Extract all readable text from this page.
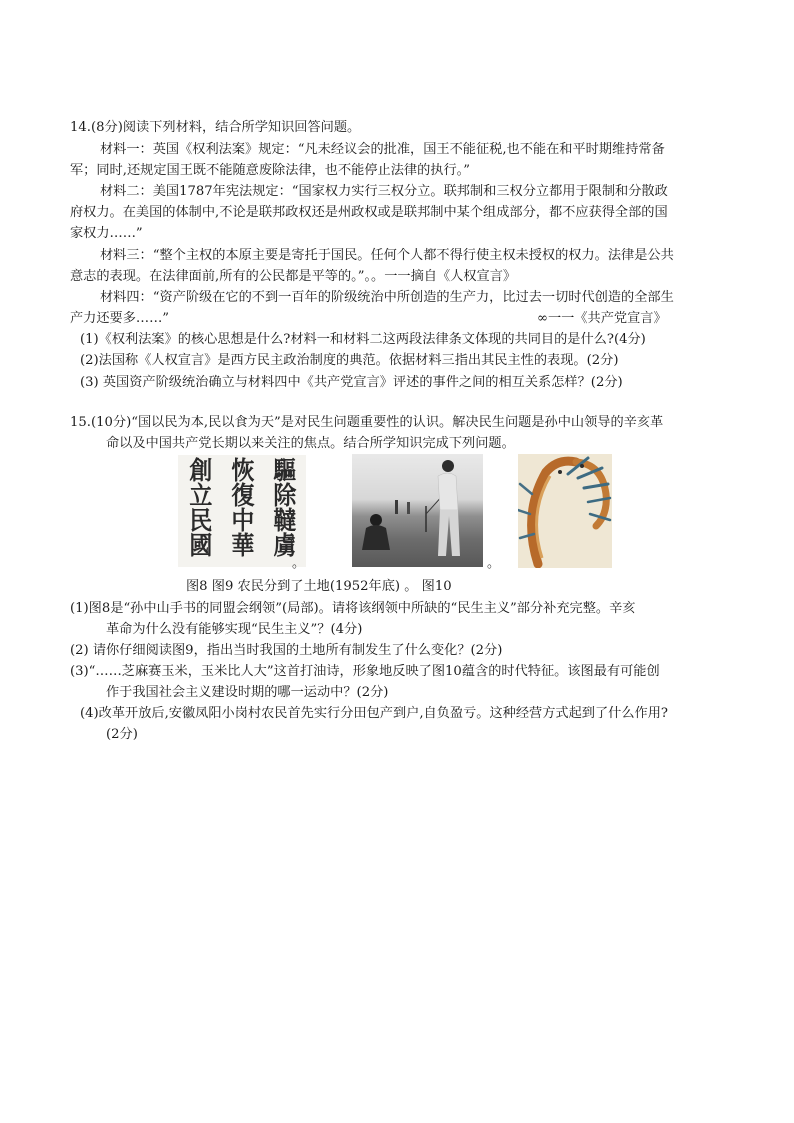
14.(8分)阅读下列材料，结合所学知识回答问题。
材料一：英国《权利法案》规定：“凡未经议会的批准，国王不能征税,也不能在和平时期维持常备
军；同时,还规定国王既不能随意废除法律，也不能停止法律的执行。”
材料二：美国1787年宪法规定：“国家权力实行三权分立。联邦制和三权分立都用于限制和分散政
府权力。在美国的体制中,不论是联邦政权还是州政权或是联邦制中某个组成部分，都不应获得全部的国
家权力……”
材料三：“整个主权的本原主要是寄托于国民。任何个人都不得行使主权未授权的权力。法律是公共
意志的表现。在法律面前,所有的公民都是平等的。”。。一一摘自《人权宣言》
材料四：“资产阶级在它的不到一百年的阶级统治中所创造的生产力，比过去一切时代创造的全部生
产力还要多……”	∞一一《共产党宣言》
(1)《权利法案》的核心思想是什么?材料一和材料二这两段法律条文体现的共同目的是什么?(4分)
(2)法国称《人权宣言》是西方民主政治制度的典范。依据材料三指出其民主性的表现。(2分)
(3) 英国资产阶级统治确立与材料四中《共产党宣言》评述的事件之间的相互关系怎样？(2分)
15.(10分)“国以民为本,民以食为天”是对民生问题重要性的认识。解决民生问题是孙中山领导的辛亥革
命以及中国共产党长期以来关注的焦点。结合所学知识完成下列问题。
驅除韃虜
恢復中華
創立民國
。	。
图8 图9 农民分到了土地(1952年底) 。 图10
(1)图8是“孙中山手书的同盟会纲领”(局部)。请将该纲领中所缺的“民生主义”部分补充完整。辛亥
革命为什么没有能够实现“民生主义”？(4分)
(2) 请你仔细阅读图9，指出当时我国的土地所有制发生了什么变化？(2分)
(3)“……芝麻赛玉米，玉米比人大”这首打油诗，形象地反映了图10蕴含的时代特征。该图最有可能创
作于我国社会主义建设时期的哪一运动中？(2分)
(4)改革开放后,安徽凤阳小岗村农民首先实行分田包产到户,自负盈亏。这种经营方式起到了什么作用?
(2分)
